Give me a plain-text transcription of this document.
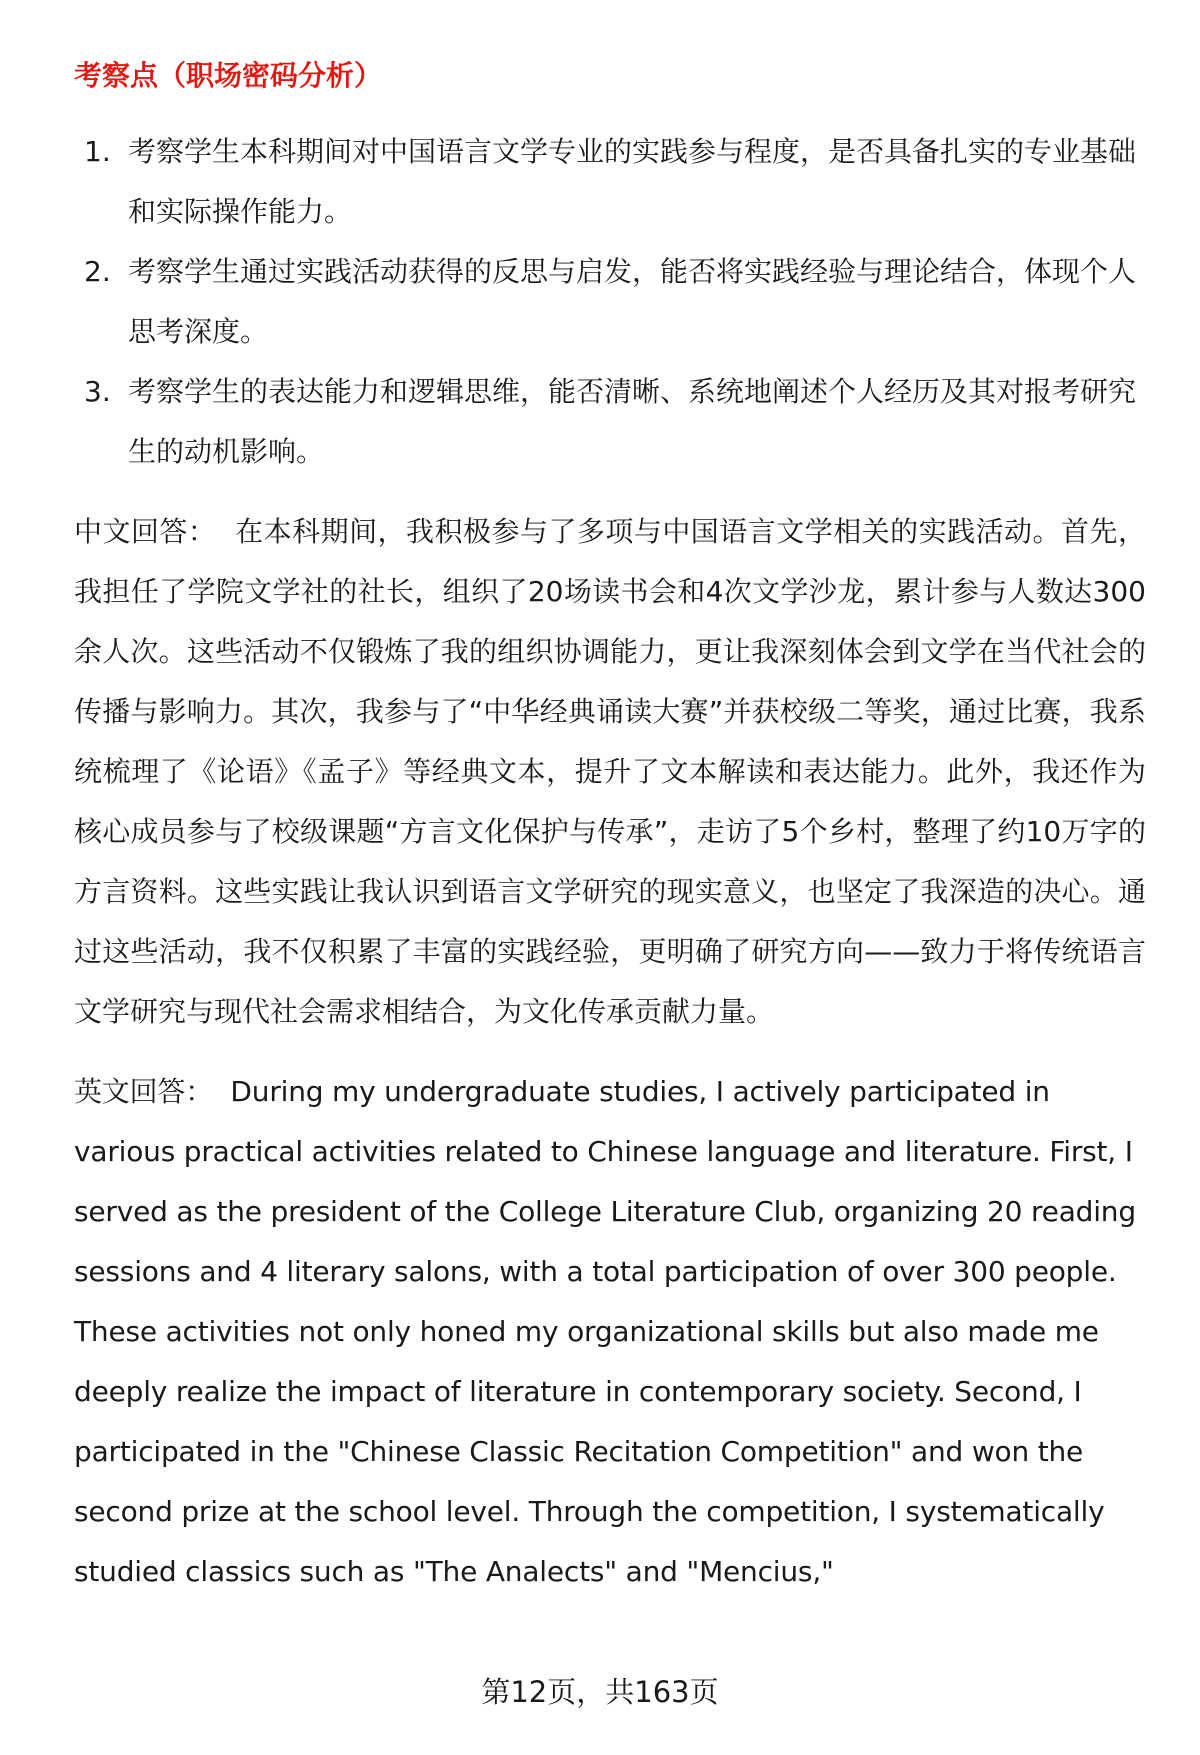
考察点（职场密码分析）
1. 考察学生本科期间对中国语言文学专业的实践参与程度，是否具备扎实的专业基础和实际操作能力。
2. 考察学生通过实践活动获得的反思与启发，能否将实践经验与理论结合，体现个人思考深度。
3. 考察学生的表达能力和逻辑思维，能否清晰、系统地阐述个人经历及其对报考研究生的动机影响。

中文回答： 在本科期间，我积极参与了多项与中国语言文学相关的实践活动。首先，我担任了学院文学社的社长，组织了20场读书会和4次文学沙龙，累计参与人数达300余人次。这些活动不仅锻炼了我的组织协调能力，更让我深刻体会到文学在当代社会的传播与影响力。其次，我参与了“中华经典诵读大赛”并获校级二等奖，通过比赛，我系统梳理了《论语》《孟子》等经典文本，提升了文本解读和表达能力。此外，我还作为核心成员参与了校级课题“方言文化保护与传承”，走访了5个乡村，整理了约10万字的方言资料。这些实践让我认识到语言文学研究的现实意义，也坚定了我深造的决心。通过这些活动，我不仅积累了丰富的实践经验，更明确了研究方向——致力于将传统语言文学研究与现代社会需求相结合，为文化传承贡献力量。

英文回答： During my undergraduate studies, I actively participated in various practical activities related to Chinese language and literature. First, I served as the president of the College Literature Club, organizing 20 reading sessions and 4 literary salons, with a total participation of over 300 people. These activities not only honed my organizational skills but also made me deeply realize the impact of literature in contemporary society. Second, I participated in the "Chinese Classic Recitation Competition" and won the second prize at the school level. Through the competition, I systematically studied classics such as "The Analects" and "Mencius,"

第12页，共163页
